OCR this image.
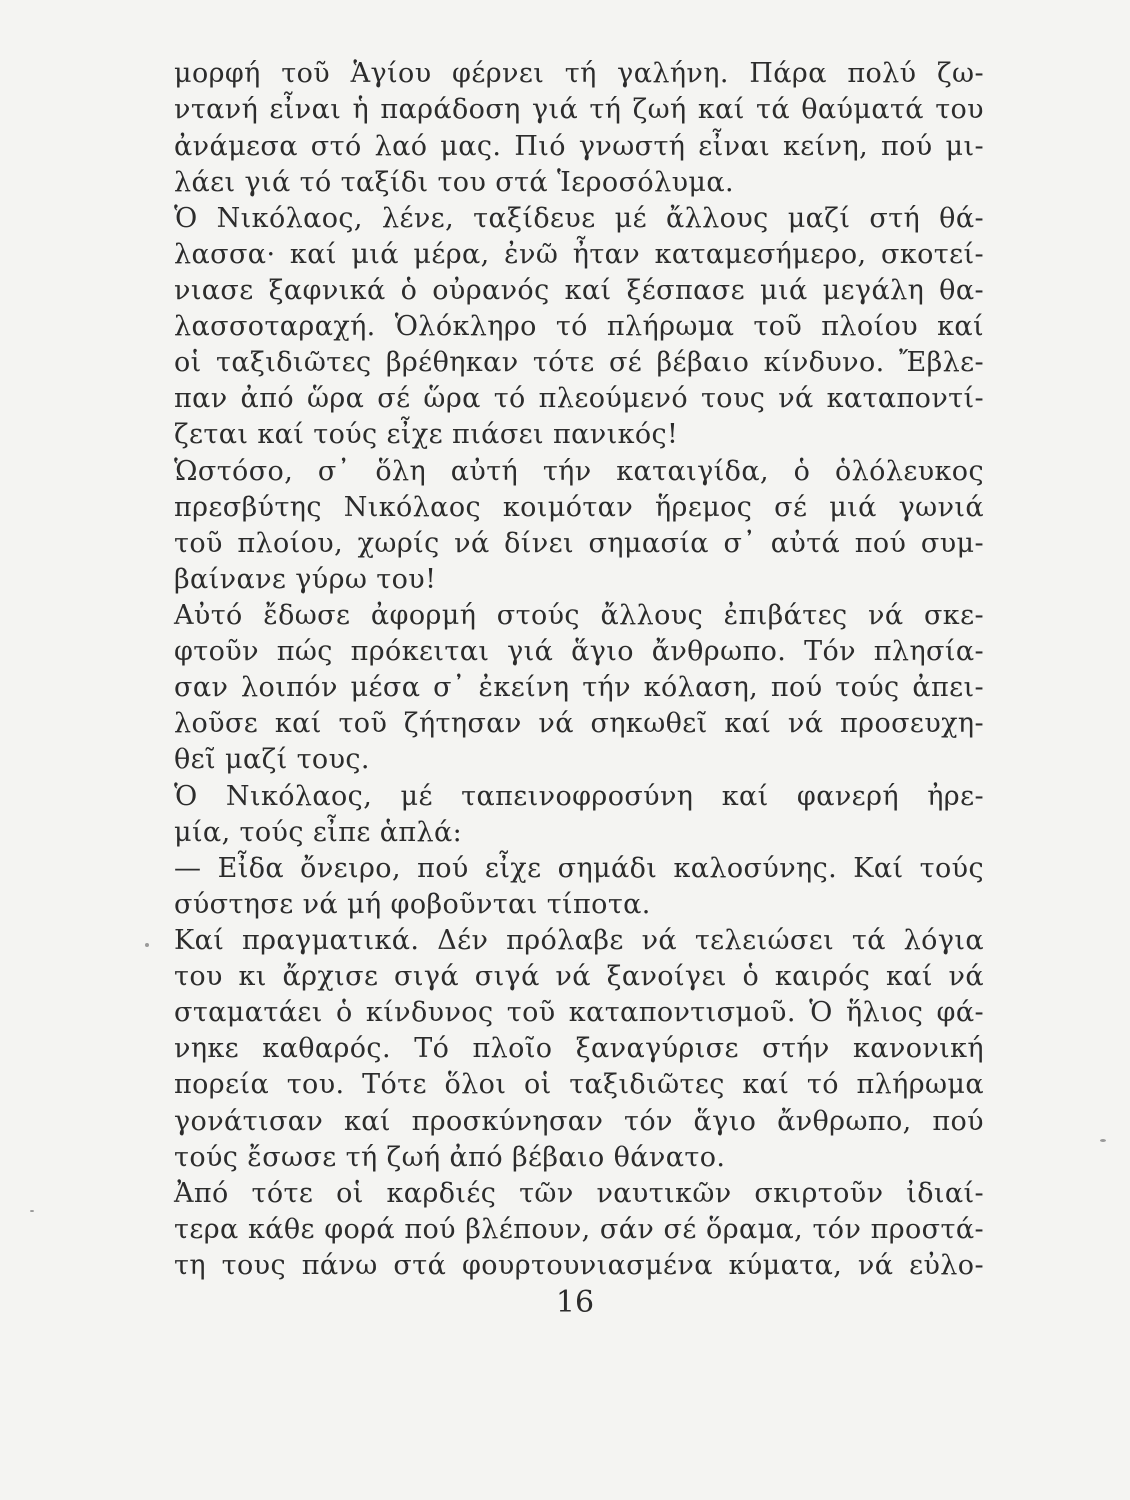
μορφή τοῦ Ἁγίου φέρνει τή γαλήνη. Πάρα πολύ ζω-
ντανή εἶναι ἡ παράδοση γιά τή ζωή καί τά θαύματά του
ἀνάμεσα στό λαό μας. Πιό γνωστή εἶναι κείνη, πού μι-
λάει γιά τό ταξίδι του στά Ἱεροσόλυμα.
Ὁ Νικόλαος, λένε, ταξίδευε μέ ἄλλους μαζί στή θά-
λασσα· καί μιά μέρα, ἐνῶ ἦταν καταμεσήμερο, σκοτεί-
νιασε ξαφνικά ὁ οὐρανός καί ξέσπασε μιά μεγάλη θα-
λασσοταραχή. Ὁλόκληρο τό πλήρωμα τοῦ πλοίου καί
οἱ ταξιδιῶτες βρέθηκαν τότε σέ βέβαιο κίνδυνο. Ἔβλε-
παν ἀπό ὥρα σέ ὥρα τό πλεούμενό τους νά καταποντί-
ζεται καί τούς εἶχε πιάσει πανικός!
Ὡστόσο, σ᾽ ὅλη αὐτή τήν καταιγίδα, ὁ ὁλόλευκος
πρεσβύτης Νικόλαος κοιμόταν ἥρεμος σέ μιά γωνιά
τοῦ πλοίου, χωρίς νά δίνει σημασία σ᾽ αὐτά πού συμ-
βαίνανε γύρω του!
Αὐτό ἔδωσε ἀφορμή στούς ἄλλους ἐπιβάτες νά σκε-
φτοῦν πώς πρόκειται γιά ἅγιο ἄνθρωπο. Τόν πλησία-
σαν λοιπόν μέσα σ᾽ ἐκείνη τήν κόλαση, πού τούς ἀπει-
λοῦσε καί τοῦ ζήτησαν νά σηκωθεῖ καί νά προσευχη-
θεῖ μαζί τους.
Ὁ Νικόλαος, μέ ταπεινοφροσύνη καί φανερή ἠρε-
μία, τούς εἶπε ἁπλά:
— Εἶδα ὄνειρο, πού εἶχε σημάδι καλοσύνης. Καί τούς
σύστησε νά μή φοβοῦνται τίποτα.
Καί πραγματικά. Δέν πρόλαβε νά τελειώσει τά λόγια
του κι ἄρχισε σιγά σιγά νά ξανοίγει ὁ καιρός καί νά
σταματάει ὁ κίνδυνος τοῦ καταποντισμοῦ. Ὁ ἥλιος φά-
νηκε καθαρός. Τό πλοῖο ξαναγύρισε στήν κανονική
πορεία του. Τότε ὅλοι οἱ ταξιδιῶτες καί τό πλήρωμα
γονάτισαν καί προσκύνησαν τόν ἅγιο ἄνθρωπο, πού
τούς ἔσωσε τή ζωή ἀπό βέβαιο θάνατο.
Ἀπό τότε οἱ καρδιές τῶν ναυτικῶν σκιρτοῦν ἰδιαί-
τερα κάθε φορά πού βλέπουν, σάν σέ ὅραμα, τόν προστά-
τη τους πάνω στά φουρτουνιασμένα κύματα, νά εὐλο-
16
